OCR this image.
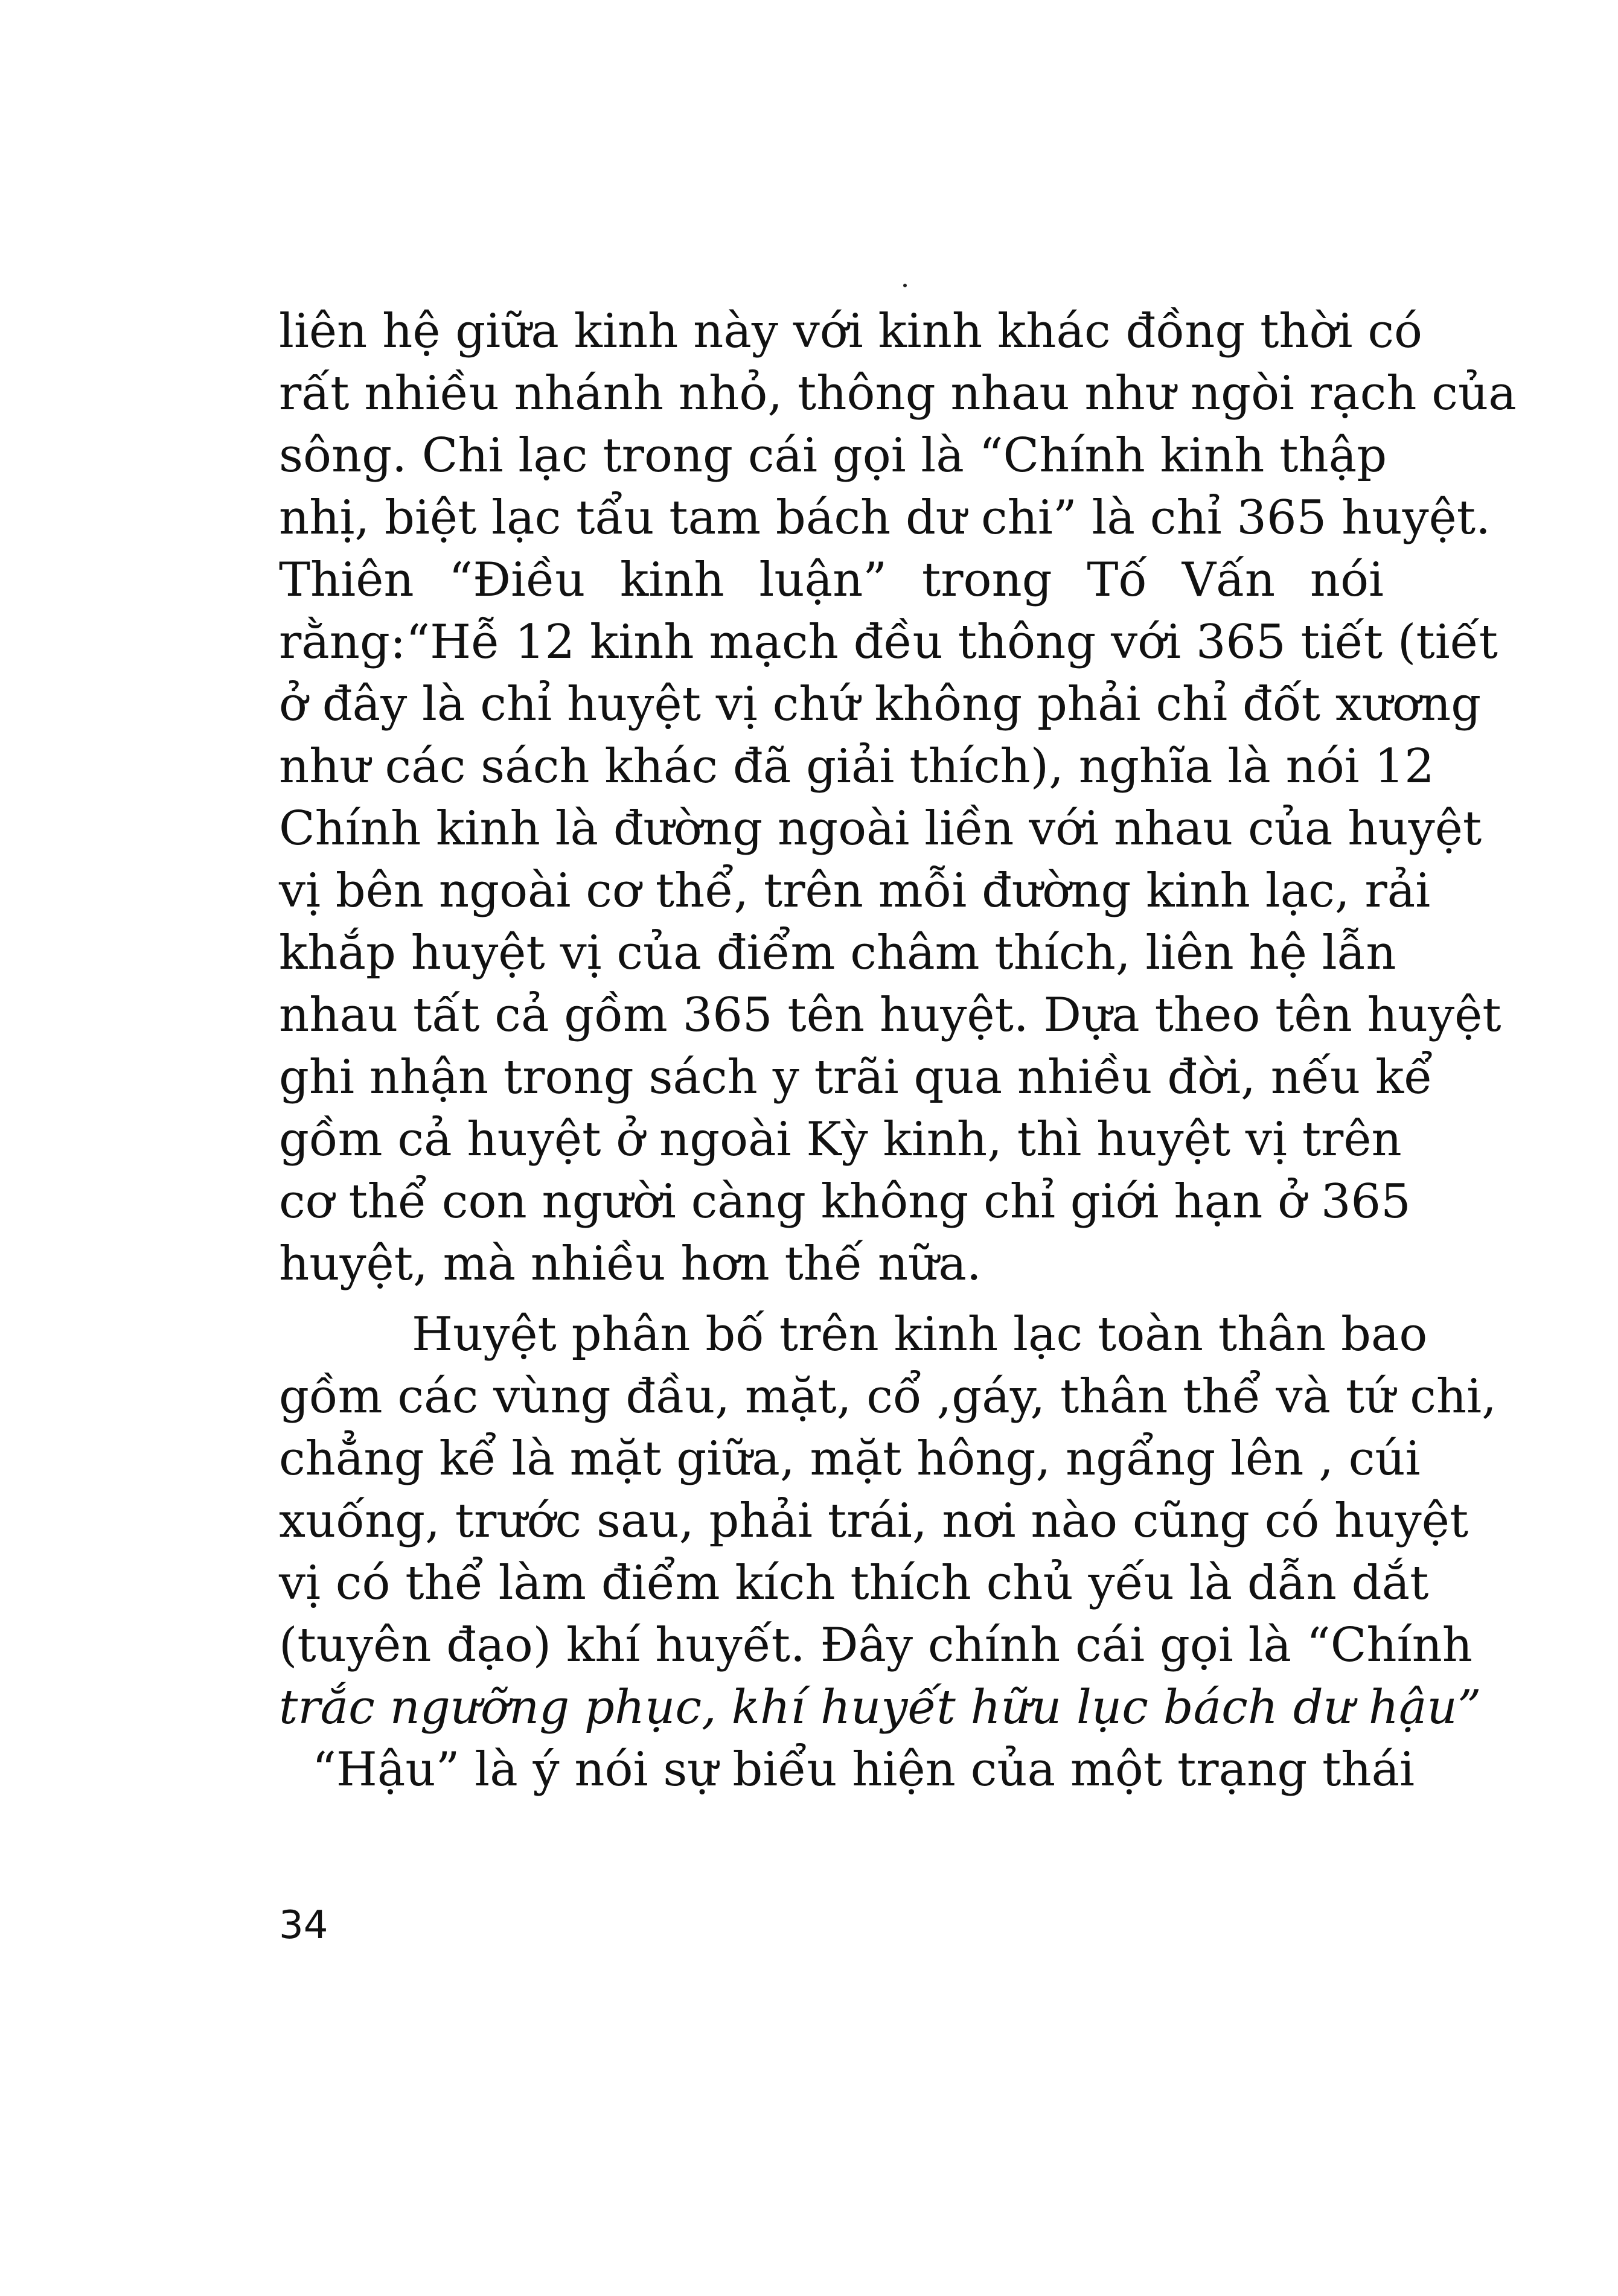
liên hệ giữa kinh này với kinh khác đồng thời có
rất nhiều nhánh nhỏ, thông nhau như ngòi rạch của
sông. Chi lạc trong cái gọi là “Chính kinh thập
nhị, biệt lạc tẩu tam bách dư chi” là chỉ 365 huyệt.
Thiên “Điều kinh luận” trong Tố Vấn nói
rằng:“Hễ 12 kinh mạch đều thông với 365 tiết (tiết
ở đây là chỉ huyệt vị chứ không phải chỉ đốt xương
như các sách khác đã giải thích), nghĩa là nói 12
Chính kinh là đường ngoài liền với nhau của huyệt
vị bên ngoài cơ thể, trên mỗi đường kinh lạc, rải
khắp huyệt vị của điểm châm thích, liên hệ lẫn
nhau tất cả gồm 365 tên huyệt. Dựa theo tên huyệt
ghi nhận trong sách y trãi qua nhiều đời, nếu kể
gồm cả huyệt ở ngoài Kỳ kinh, thì huyệt vị trên
cơ thể con người càng không chỉ giới hạn ở 365
huyệt, mà nhiều hơn thế nữa.
Huyệt phân bố trên kinh lạc toàn thân bao
gồm các vùng đầu, mặt, cổ ,gáy, thân thể và tứ chi,
chẳng kể là mặt giữa, mặt hông, ngẩng lên , cúi
xuống, trước sau, phải trái, nơi nào cũng có huyệt
vị có thể làm điểm kích thích chủ yếu là dẫn dắt
(tuyên đạo) khí huyết. Đây chính cái gọi là “Chính
trắc ngưỡng phục, khí huyết hữu lục bách dư hậu”
“Hậu” là ý nói sự biểu hiện của một trạng thái
34
